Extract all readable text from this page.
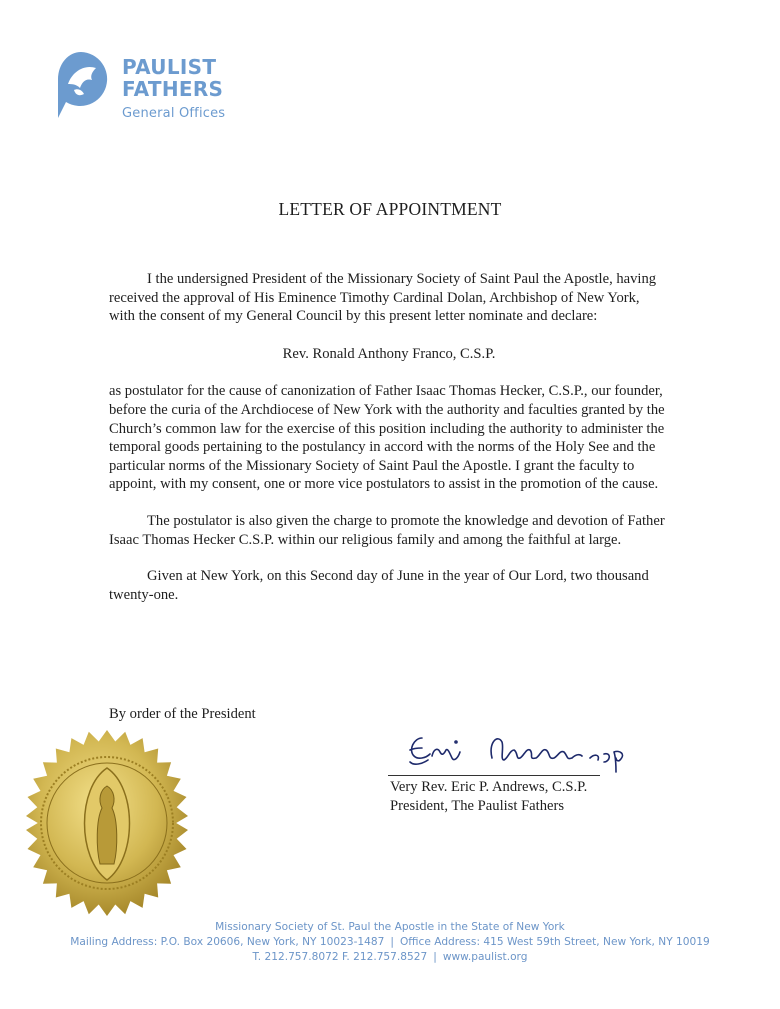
PAULIST
FATHERS
General Offices
LETTER OF APPOINTMENT

I the undersigned President of the Missionary Society of Saint Paul the Apostle, having received the approval of His Eminence Timothy Cardinal Dolan, Archbishop of New York, with the consent of my General Council by this present letter nominate and declare:

Rev. Ronald Anthony Franco, C.S.P.

as postulator for the cause of canonization of Father Isaac Thomas Hecker, C.S.P., our founder, before the curia of the Archdiocese of New York with the authority and faculties granted by the Church’s common law for the exercise of this position including the authority to administer the temporal goods pertaining to the postulancy in accord with the norms of the Holy See and the particular norms of the Missionary Society of Saint Paul the Apostle. I grant the faculty to appoint, with my consent, one or more vice postulators to assist in the promotion of the cause.

The postulator is also given the charge to promote the knowledge and devotion of Father Isaac Thomas Hecker C.S.P. within our religious family and among the faithful at large.

Given at New York, on this Second day of June in the year of Our Lord, two thousand twenty-one.

By order of the President
Very Rev. Eric P. Andrews, C.S.P.
President, The Paulist Fathers
Missionary Society of St. Paul the Apostle in the State of New York
Mailing Address: P.O. Box 20606, New York, NY 10023-1487 | Office Address: 415 West 59th Street, New York, NY 10019
T. 212.757.8072 F. 212.757.8527 | www.paulist.org
